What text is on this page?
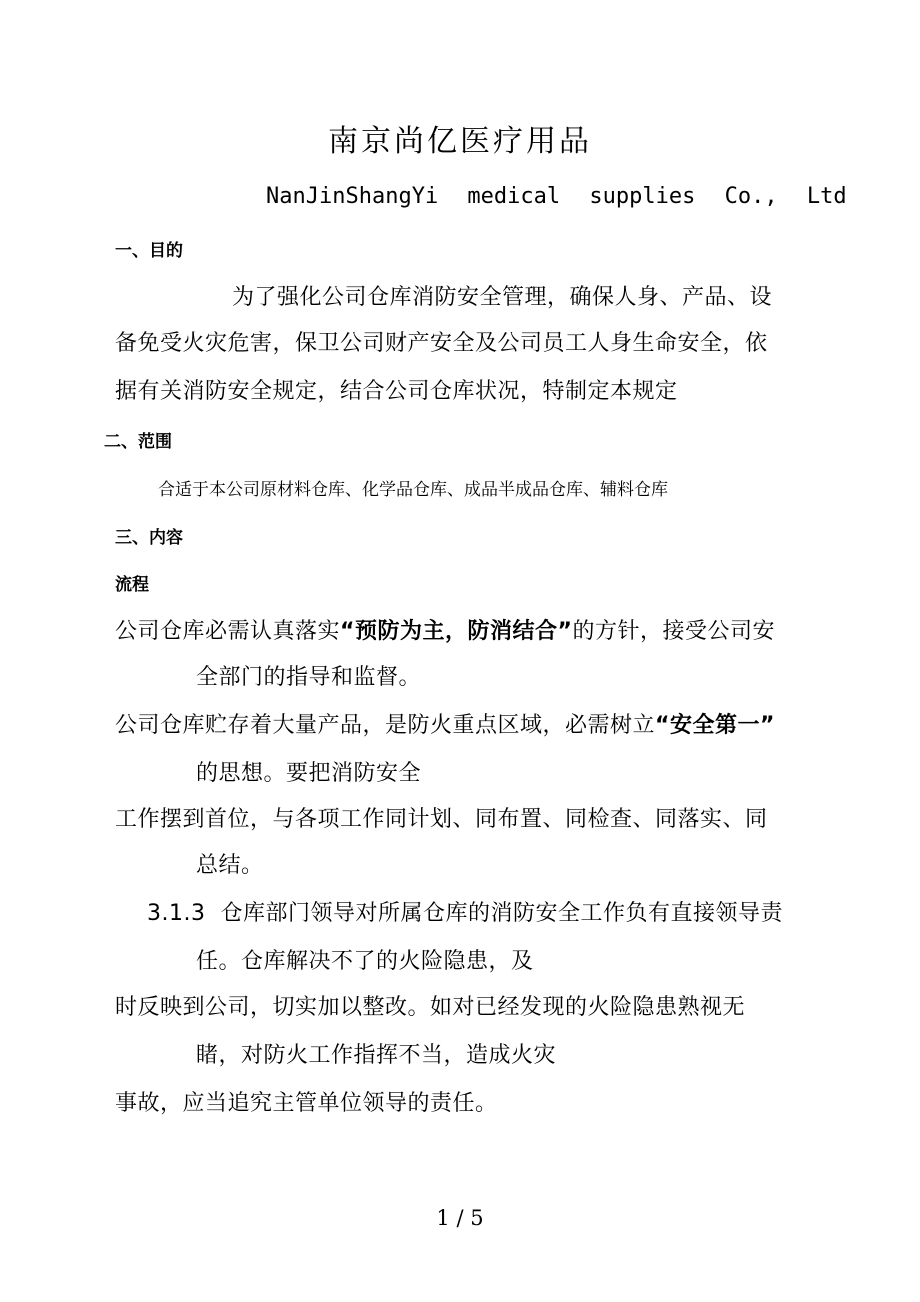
南京尚亿医疗用品
NanJinShangYi medical supplies Co., Ltd
一、目的
为了强化公司仓库消防安全管理，确保人身、产品、设
备免受火灾危害，保卫公司财产安全及公司员工人身生命安全，依
据有关消防安全规定，结合公司仓库状况，特制定本规定
二、范围
合适于本公司原材料仓库、化学品仓库、成品半成品仓库、辅料仓库
三、内容
流程
公司仓库必需认真落实“预防为主，防消结合”的方针，接受公司安
全部门的指导和监督。
公司仓库贮存着大量产品，是防火重点区域，必需树立“安全第一”
的思想。要把消防安全
工作摆到首位，与各项工作同计划、同布置、同检查、同落实、同
总结。
3.1.3 仓库部门领导对所属仓库的消防安全工作负有直接领导责
任。仓库解决不了的火险隐患，及
时反映到公司，切实加以整改。如对已经发现的火险隐患熟视无
睹，对防火工作指挥不当，造成火灾
事故，应当追究主管单位领导的责任。
1 / 5
